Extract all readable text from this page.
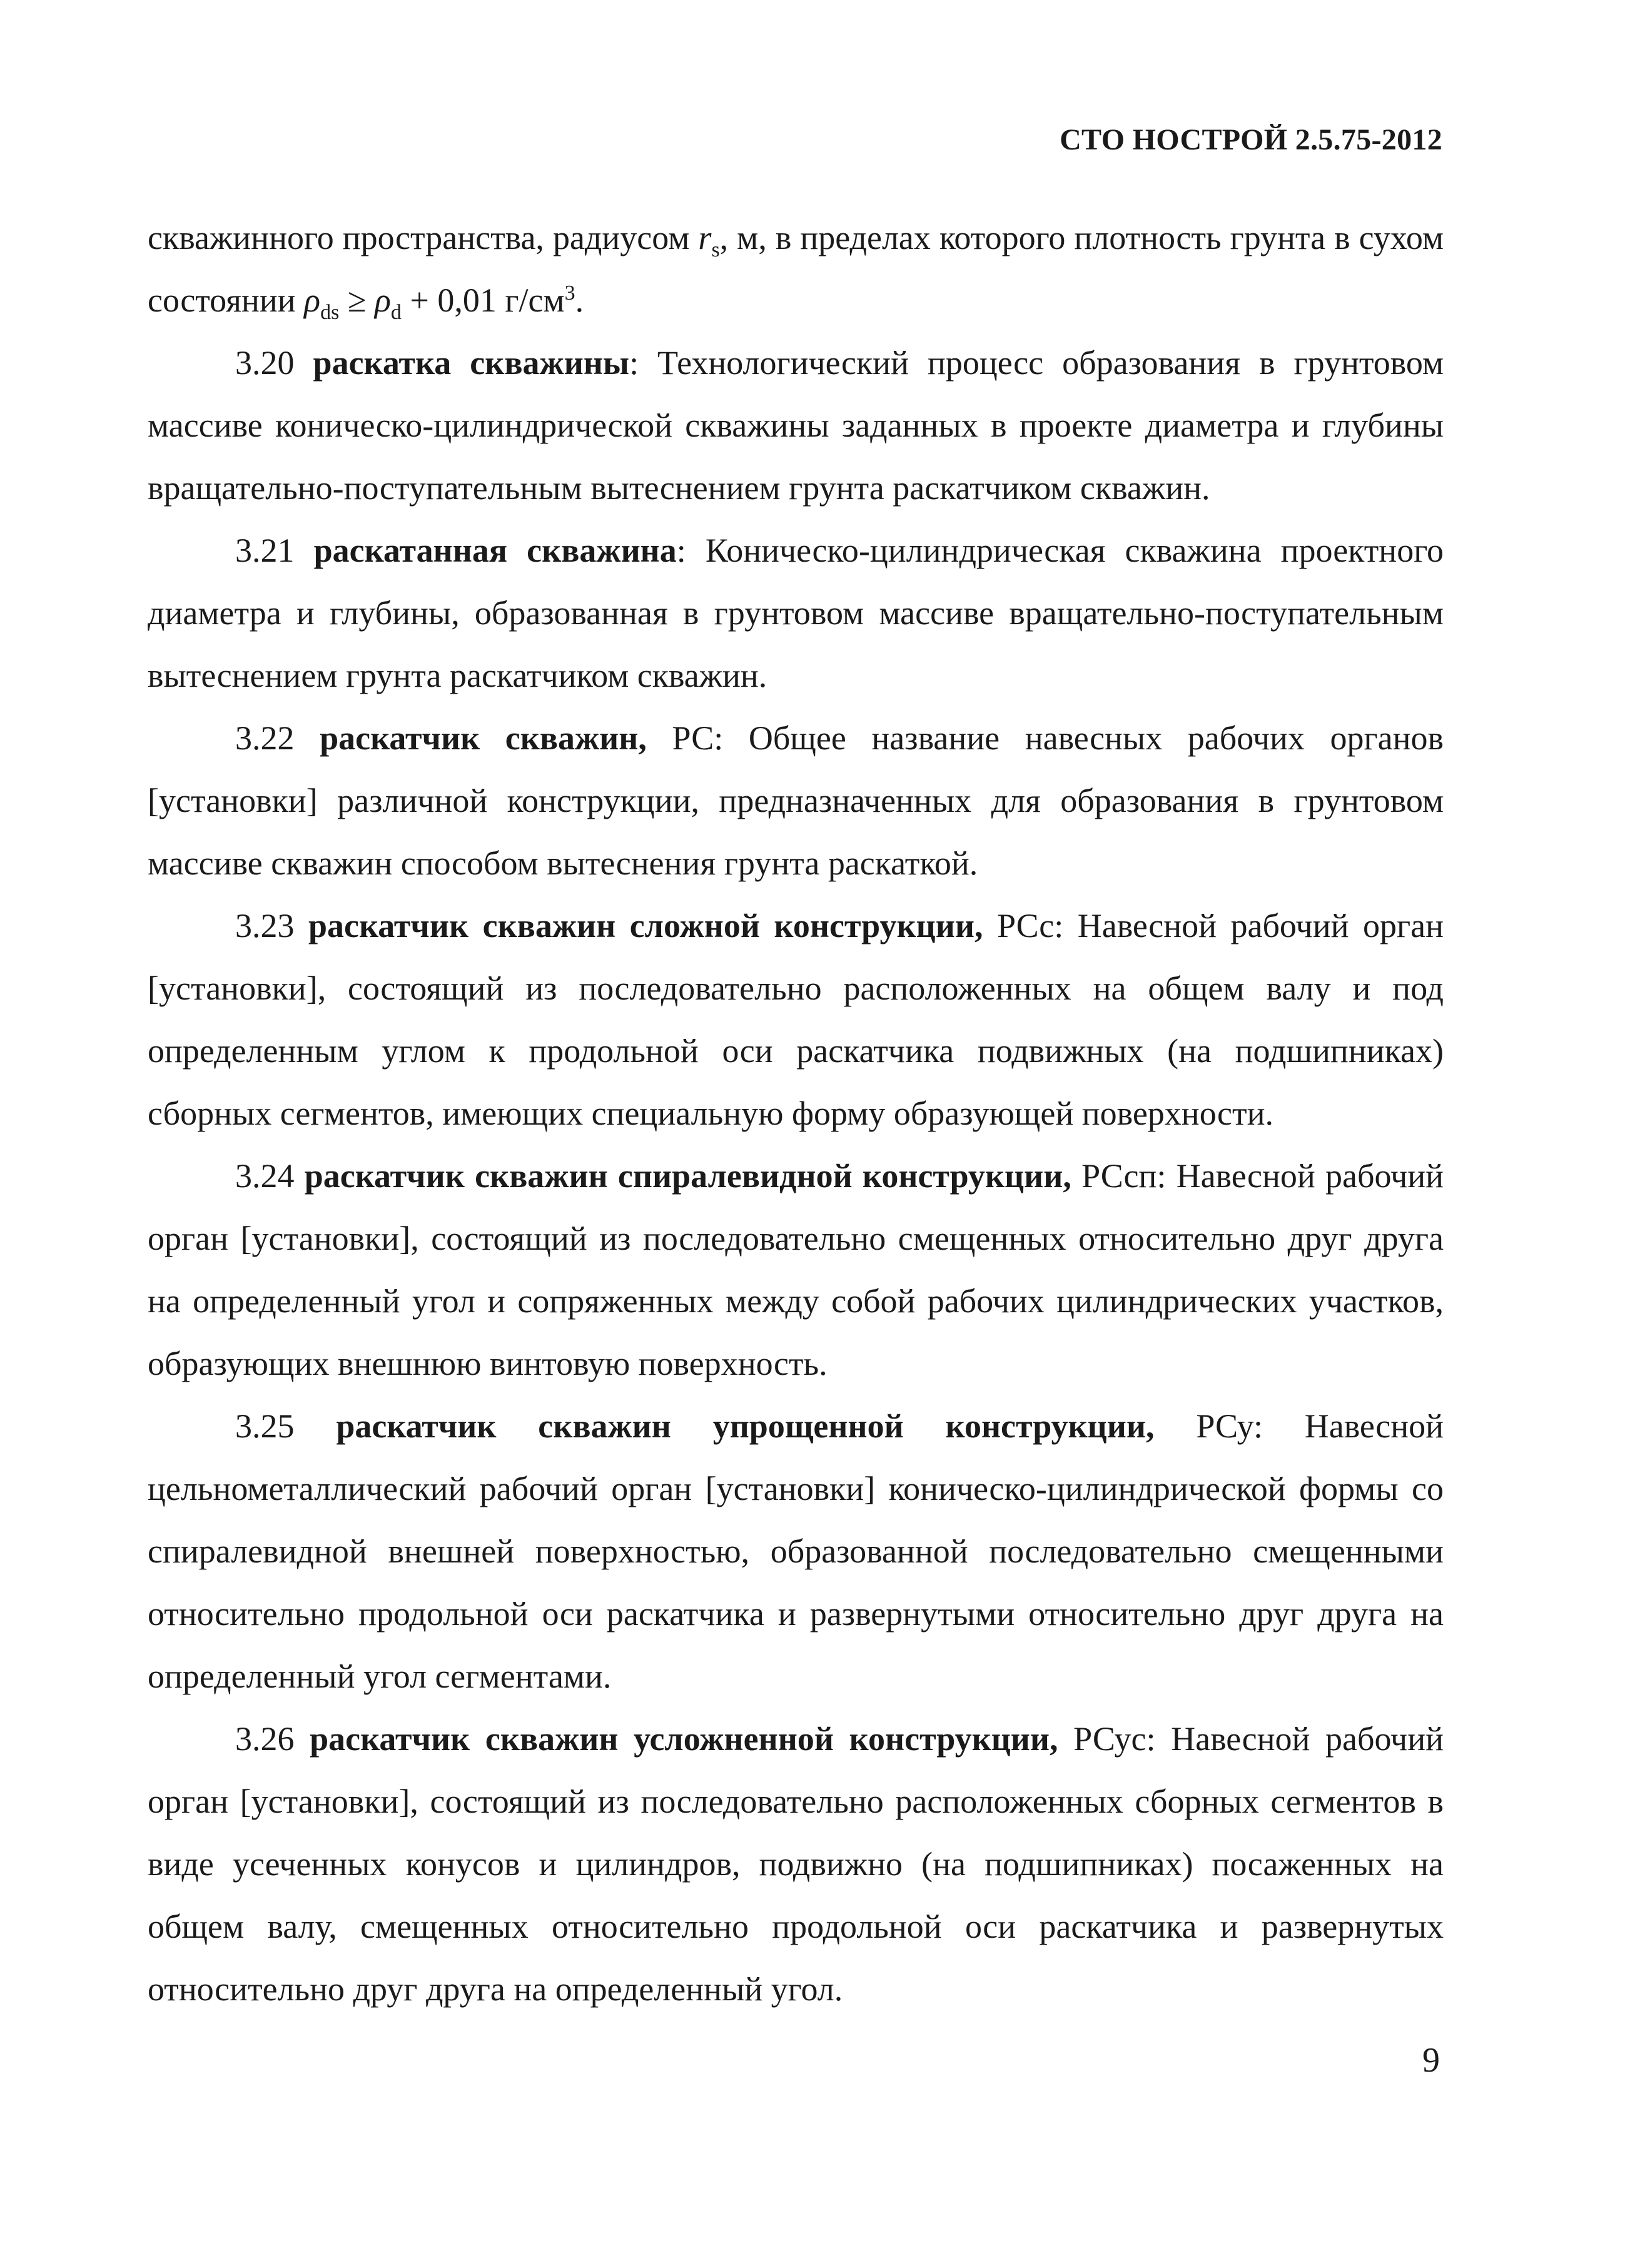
СТО НОСТРОЙ 2.5.75-2012

скважинного пространства, радиусом $r_s$, м, в пределах которого плотность грунта в сухом состоянии $\rho_{ds} \ge \rho_d + 0,01$ $г/см^3$.

3.20 раскатка скважины: Технологический процесс образования в грунтовом массиве коническо-цилиндрической скважины заданных в проекте диаметра и глубины вращательно-поступательным вытеснением грунта раскатчиком скважин.

3.21 раскатанная скважина: Коническо-цилиндрическая скважина проектного диаметра и глубины, образованная в грунтовом массиве вращательно-поступательным вытеснением грунта раскатчиком скважин.

3.22 раскатчик скважин, РС: Общее название навесных рабочих органов [установки] различной конструкции, предназначенных для образования в грунтовом массиве скважин способом вытеснения грунта раскаткой.

3.23 раскатчик скважин сложной конструкции, РСс: Навесной рабочий орган [установки], состоящий из последовательно расположенных на общем валу и под определенным углом к продольной оси раскатчика подвижных (на подшипниках) сборных сегментов, имеющих специальную форму образующей поверхности.

3.24 раскатчик скважин спиралевидной конструкции, РСсп: Навесной рабочий орган [установки], состоящий из последовательно смещенных относительно друг друга на определенный угол и сопряженных между собой рабочих цилиндрических участков, образующих внешнюю винтовую поверхность.

3.25 раскатчик скважин упрощенной конструкции, РСу: Навесной цельнометаллический рабочий орган [установки] коническо-цилиндрической формы со спиралевидной внешней поверхностью, образованной последовательно смещенными относительно продольной оси раскатчика и развернутыми относительно друг друга на определенный угол сегментами.

3.26 раскатчик скважин усложненной конструкции, РСус: Навесной рабочий орган [установки], состоящий из последовательно расположенных сборных сегментов в виде усеченных конусов и цилиндров, подвижно (на подшипниках) посаженных на общем валу, смещенных относительно продольной оси раскатчика и развернутых относительно друг друга на определенный угол.

9
